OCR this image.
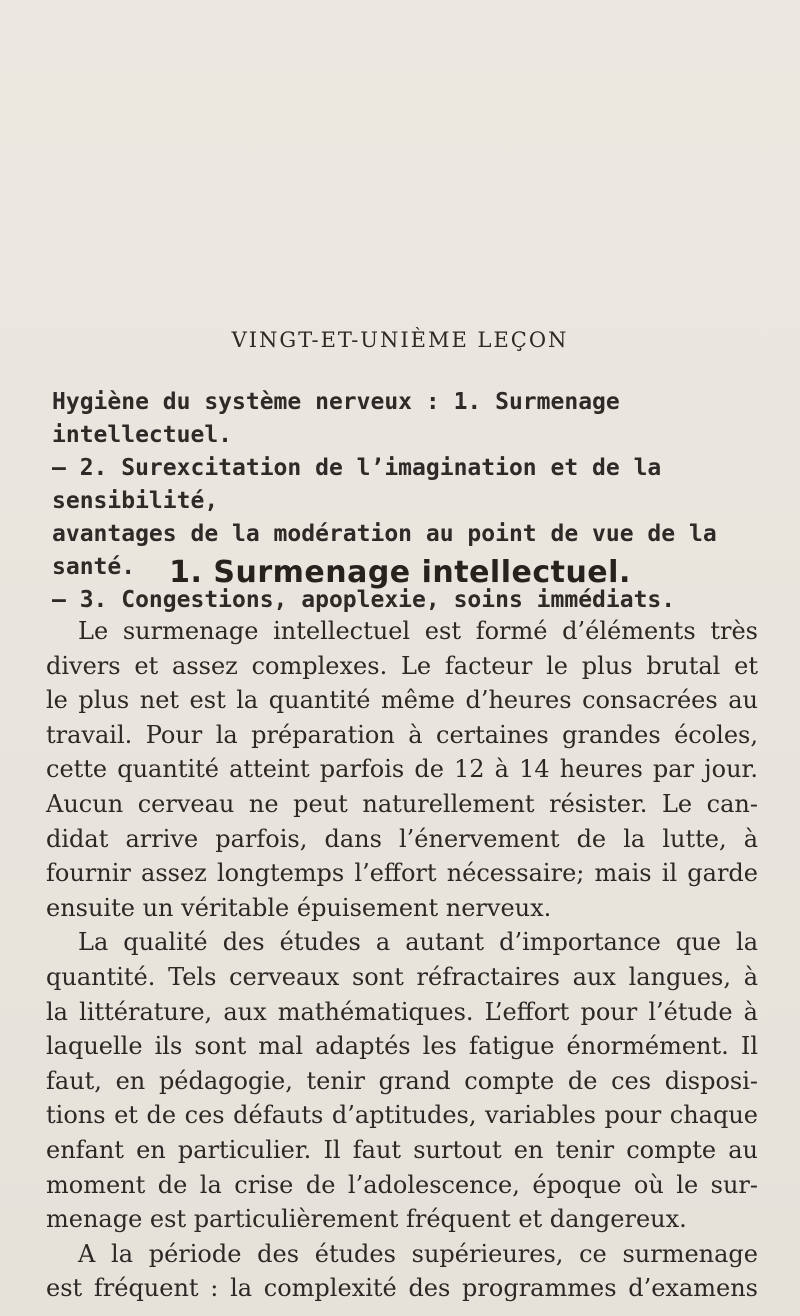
VINGT-ET-UNIÈME LEÇON

Hygiène du système nerveux : 1. Surmenage intellectuel.

— 2. Surexcitation de l’imagination et de la sensibilité,

avantages de la modération au point de vue de la santé.

— 3. Congestions, apoplexie, soins immédiats.

1. Surmenage intellectuel.
Le surmenage intellectuel est formé d’éléments très
divers et assez complexes. Le facteur le plus brutal et
le plus net est la quantité même d’heures consacrées au
travail. Pour la préparation à certaines grandes écoles,
cette quantité atteint parfois de 12 à 14 heures par jour.
Aucun cerveau ne peut naturellement résister. Le can-
didat arrive parfois, dans l’énervement de la lutte, à
fournir assez longtemps l’effort nécessaire; mais il garde
ensuite un véritable épuisement nerveux.
La qualité des études a autant d’importance que la
quantité. Tels cerveaux sont réfractaires aux langues, à
la littérature, aux mathématiques. L’effort pour l’étude à
laquelle ils sont mal adaptés les fatigue énormément. Il
faut, en pédagogie, tenir grand compte de ces disposi-
tions et de ces défauts d’aptitudes, variables pour chaque
enfant en particulier. Il faut surtout en tenir compte au
moment de la crise de l’adolescence, époque où le sur-
menage est particulièrement fréquent et dangereux.
A la période des études supérieures, ce surmenage
est fréquent : la complexité des programmes d’examens
